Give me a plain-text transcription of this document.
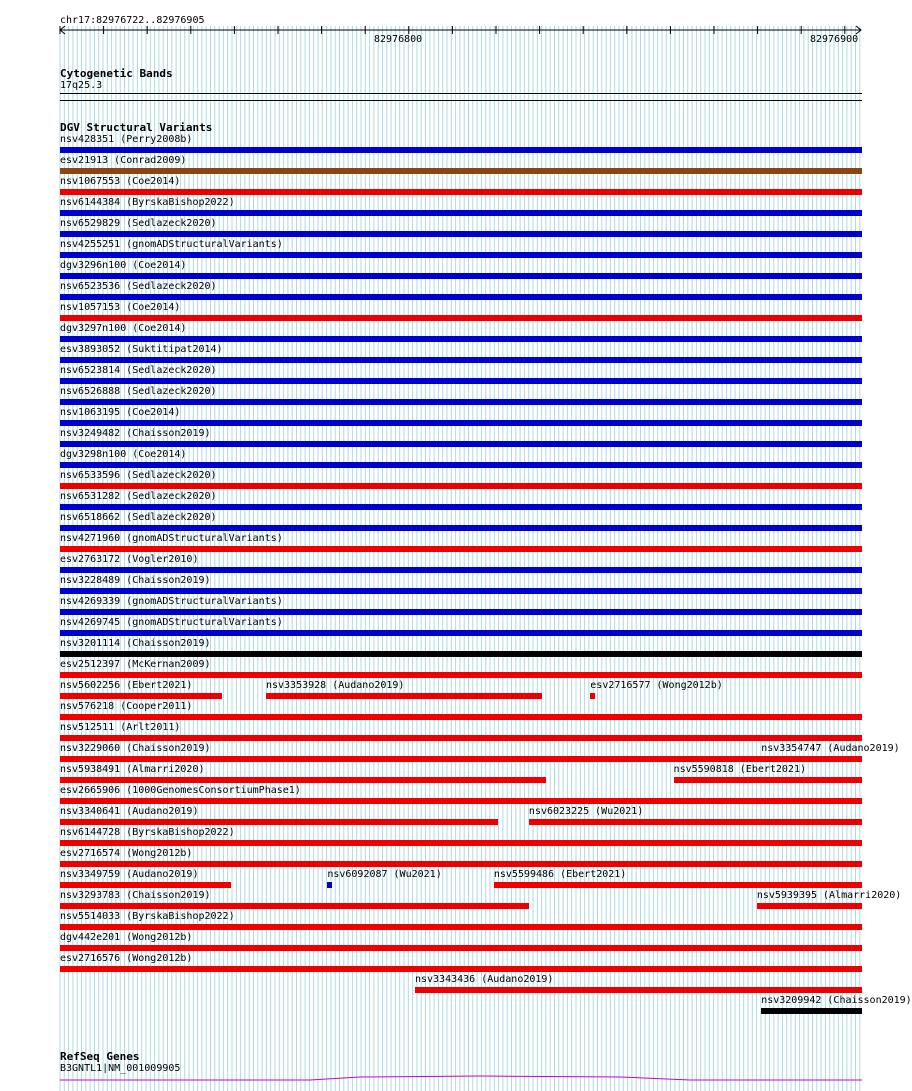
chr17:82976722..82976905
82976800	82976900
Cytogenetic Bands
17q25.3
DGV Structural Variants
nsv428351 (Perry2008b)
esv21913 (Conrad2009)
nsv1067553 (Coe2014)
nsv6144384 (ByrskaBishop2022)
nsv6529829 (Sedlazeck2020)
nsv4255251 (gnomADStructuralVariants)
dgv3296n100 (Coe2014)
nsv6523536 (Sedlazeck2020)
nsv1057153 (Coe2014)
dgv3297n100 (Coe2014)
esv3893052 (Suktitipat2014)
nsv6523814 (Sedlazeck2020)
nsv6526888 (Sedlazeck2020)
nsv1063195 (Coe2014)
nsv3249482 (Chaisson2019)
dgv3298n100 (Coe2014)
nsv6533596 (Sedlazeck2020)
nsv6531282 (Sedlazeck2020)
nsv6518662 (Sedlazeck2020)
nsv4271960 (gnomADStructuralVariants)
esv2763172 (Vogler2010)
nsv3228489 (Chaisson2019)
nsv4269339 (gnomADStructuralVariants)
nsv4269745 (gnomADStructuralVariants)
nsv3201114 (Chaisson2019)
esv2512397 (McKernan2009)
nsv5602256 (Ebert2021)	nsv3353928 (Audano2019)	esv2716577 (Wong2012b)
nsv576218 (Cooper2011)
nsv512511 (Arlt2011)
nsv3229060 (Chaisson2019)	nsv3354747 (Audano2019)
nsv5938491 (Almarri2020)	nsv5590818 (Ebert2021)
esv2665906 (1000GenomesConsortiumPhase1)
nsv3340641 (Audano2019)	nsv6023225 (Wu2021)
nsv6144728 (ByrskaBishop2022)
esv2716574 (Wong2012b)
nsv3349759 (Audano2019)	nsv6092087 (Wu2021)	nsv5599486 (Ebert2021)
nsv3293783 (Chaisson2019)	nsv5939395 (Almarri2020)
nsv5514033 (ByrskaBishop2022)
dgv442e201 (Wong2012b)
esv2716576 (Wong2012b)
nsv3343436 (Audano2019)
nsv3209942 (Chaisson2019)
RefSeq Genes
B3GNTL1|NM_001009905
